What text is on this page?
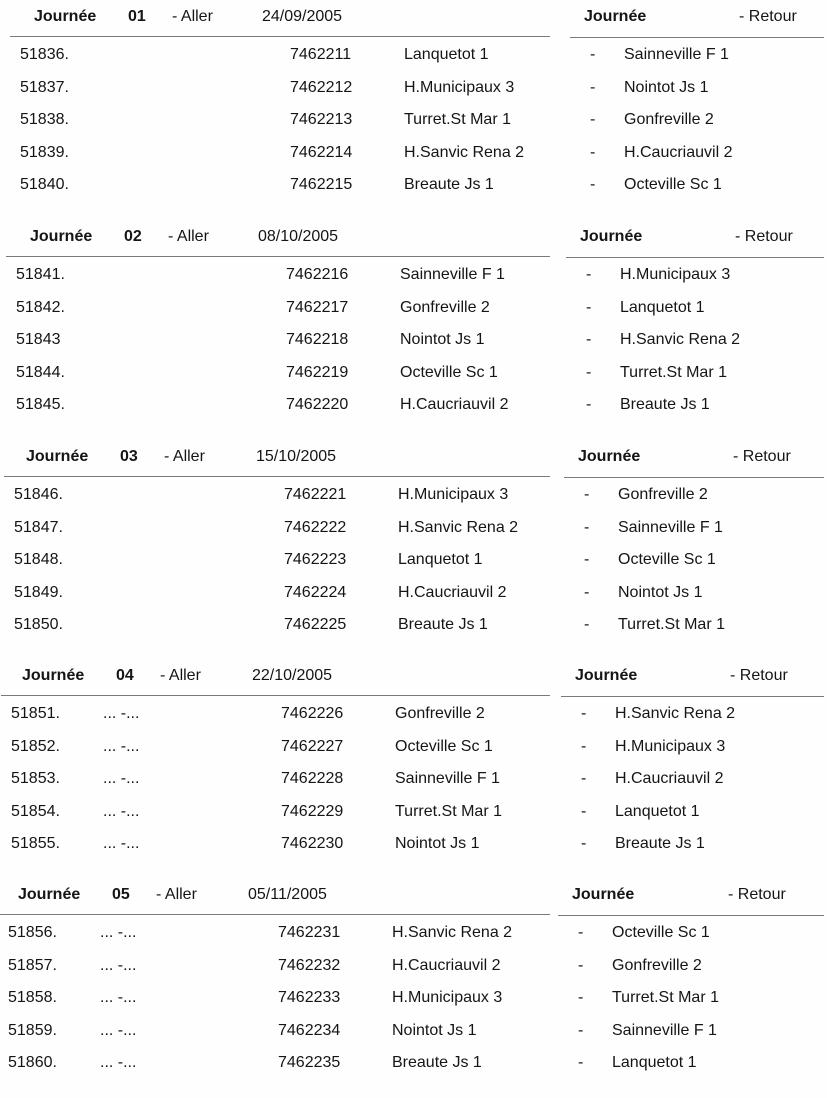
Journée 01 - Aller	24/09/2005	Journée	- Retour
51836.	7462211	Lanquetot 1	- Sainneville F 1
51837.	7462212	H.Municipaux 3	- Nointot Js 1
51838.	7462213	Turret.St Mar 1	- Gonfreville 2
51839.	7462214	H.Sanvic Rena 2	- H.Caucriauvil 2
51840.	7462215	Breaute Js 1	- Octeville Sc 1
Journée 02 - Aller	08/10/2005	Journée	- Retour
51841.	7462216	Sainneville F 1	- H.Municipaux 3
51842.	7462217	Gonfreville 2	- Lanquetot 1
51843	7462218	Nointot Js 1	- H.Sanvic Rena 2
51844.	7462219	Octeville Sc 1	- Turret.St Mar 1
51845.	7462220	H.Caucriauvil 2	- Breaute Js 1
Journée 03 - Aller	15/10/2005	Journée	- Retour
51846.	7462221	H.Municipaux 3	- Gonfreville 2
51847.	7462222	H.Sanvic Rena 2	- Sainneville F 1
51848.	7462223	Lanquetot 1	- Octeville Sc 1
51849.	7462224	H.Caucriauvil 2	- Nointot Js 1
51850.	7462225	Breaute Js 1	- Turret.St Mar 1
Journée 04 - Aller	22/10/2005	Journée	- Retour
51851.	... -...	7462226	Gonfreville 2	- H.Sanvic Rena 2
51852.	... -...	7462227	Octeville Sc 1	- H.Municipaux 3
51853.	... -...	7462228	Sainneville F 1	- H.Caucriauvil 2
51854.	... -...	7462229	Turret.St Mar 1	- Lanquetot 1
51855.	... -...	7462230	Nointot Js 1	- Breaute Js 1
Journée 05 - Aller	05/11/2005	Journée	- Retour
51856.	... -...	7462231	H.Sanvic Rena 2	- Octeville Sc 1
51857.	... -...	7462232	H.Caucriauvil 2	- Gonfreville 2
51858.	... -...	7462233	H.Municipaux 3	- Turret.St Mar 1
51859.	... -...	7462234	Nointot Js 1	- Sainneville F 1
51860.	... -...	7462235	Breaute Js 1	- Lanquetot 1
